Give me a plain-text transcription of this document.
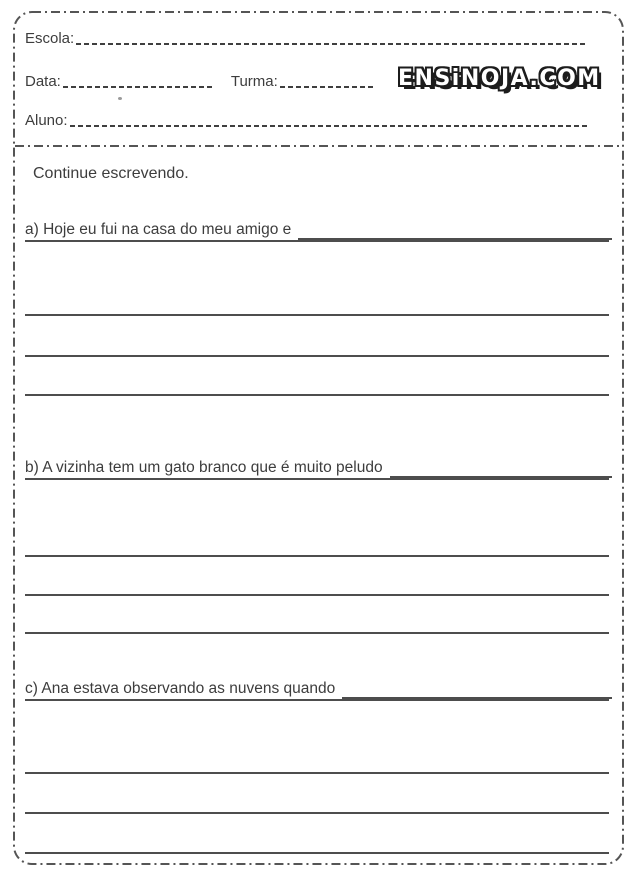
Escola:
Data:	Turma:	ENSiNOJA.COM
Aluno:
Continue escrevendo.
a) Hoje eu fui na casa do meu amigo e
b) A vizinha tem um gato branco que é muito peludo
c) Ana estava observando as nuvens quando
